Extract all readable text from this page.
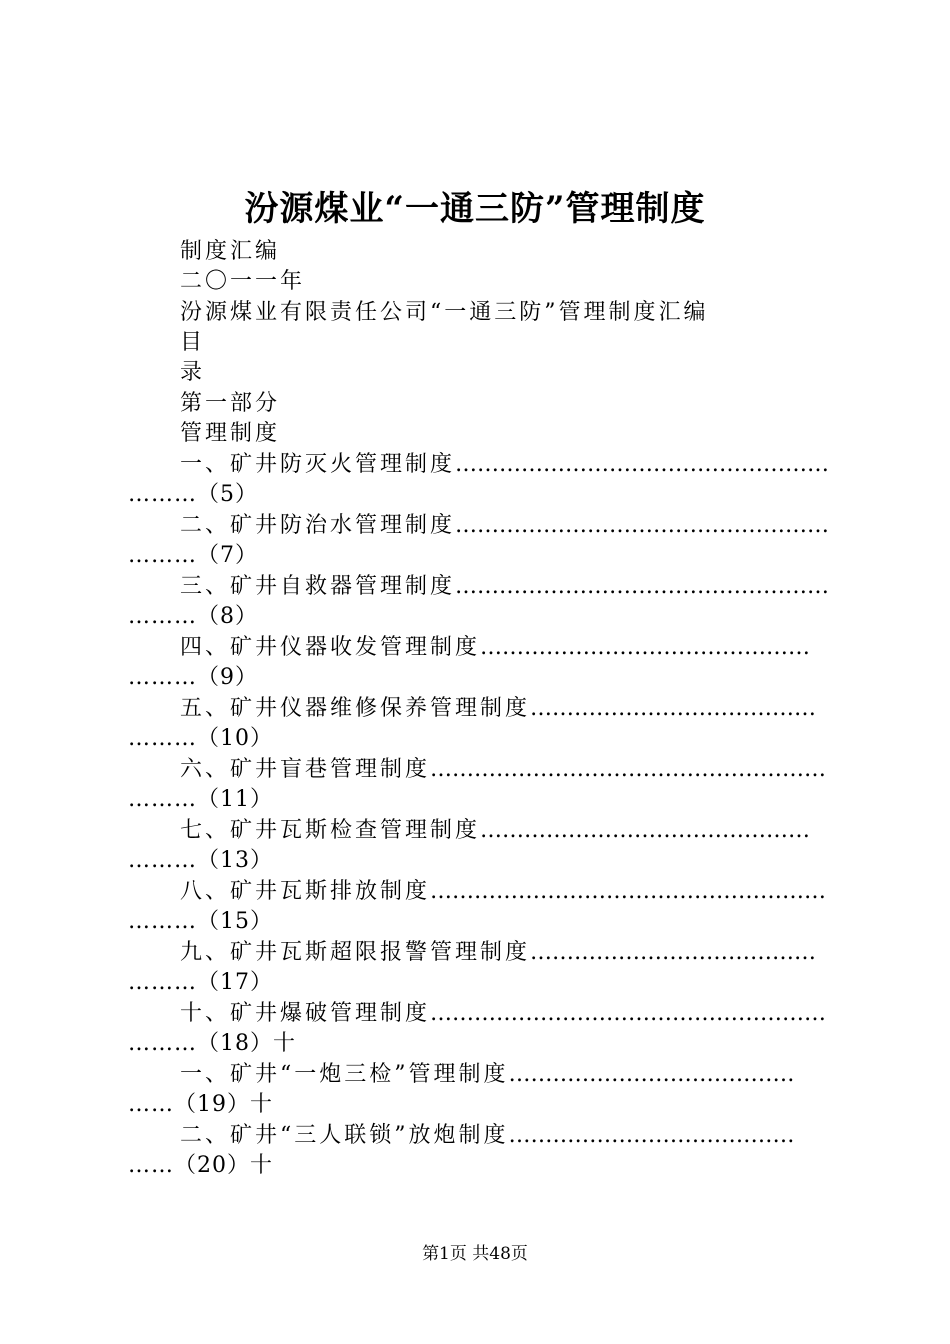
汾源煤业“一通三防”管理制度
制度汇编
二〇一一年
汾源煤业有限责任公司“一通三防”管理制度汇编
目
录
第一部分
管理制度
一、矿井防灭火管理制度……………………………………………
………（5）
二、矿井防治水管理制度……………………………………………
………（7）
三、矿井自救器管理制度……………………………………………
………（8）
四、矿井仪器收发管理制度………………………………………
………（9）
五、矿井仪器维修保养管理制度…………………………………
………（10）
六、矿井盲巷管理制度………………………………………………
………（11）
七、矿井瓦斯检查管理制度………………………………………
………（13）
八、矿井瓦斯排放制度………………………………………………
………（15）
九、矿井瓦斯超限报警管理制度…………………………………
………（17）
十、矿井爆破管理制度………………………………………………
………（18）十
一、矿井“一炮三检”管理制度…………………………………
……（19）十
二、矿井“三人联锁”放炮制度…………………………………
……（20）十
第1页 共48页
